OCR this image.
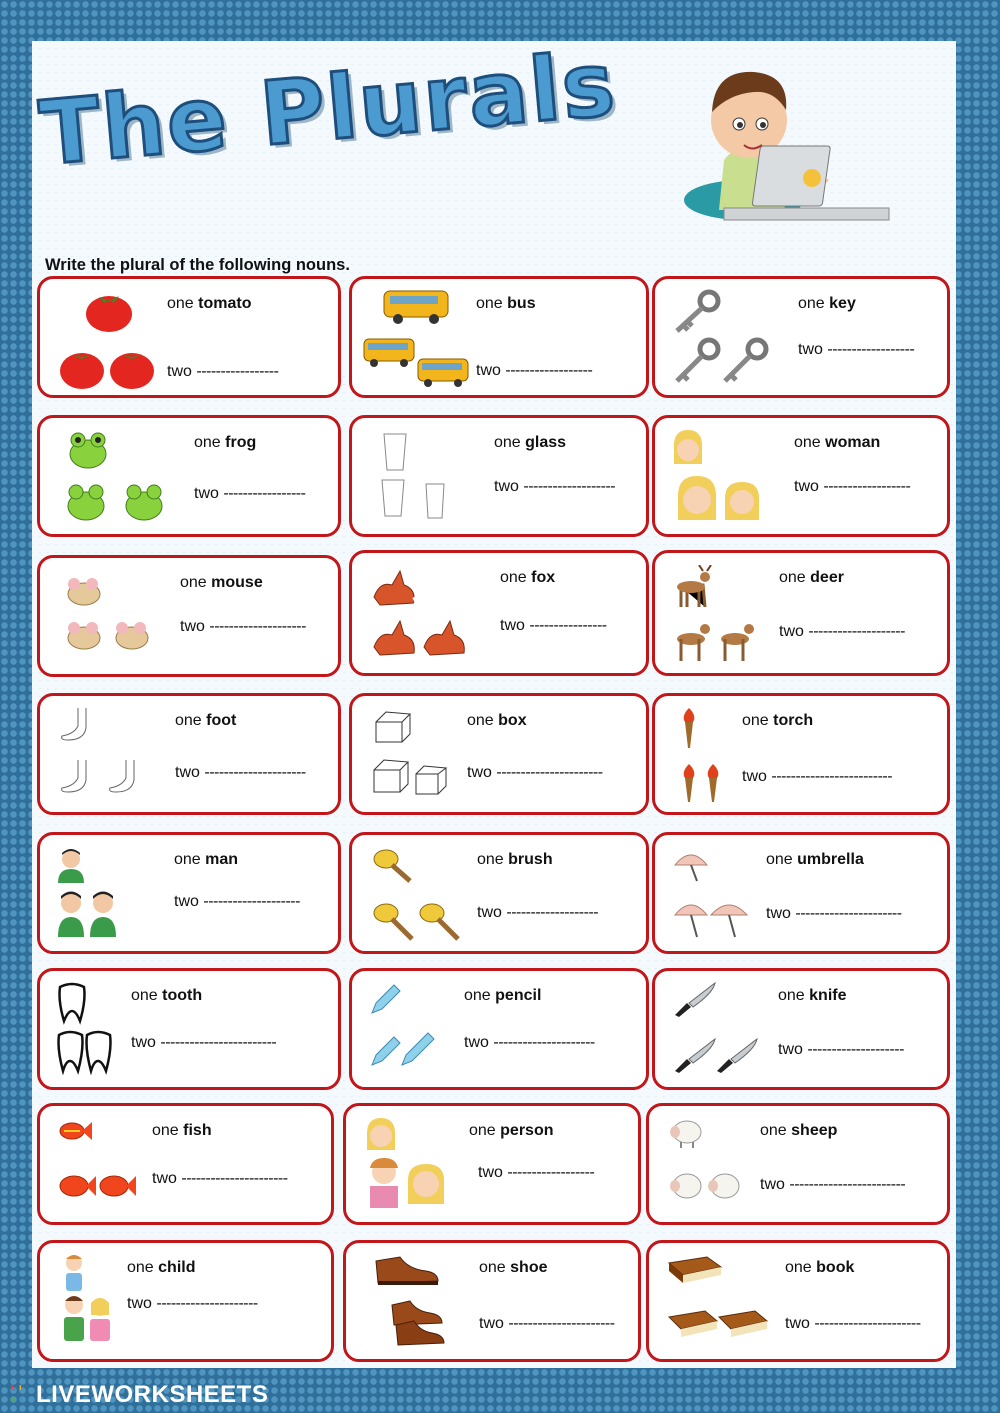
The Plurals

Write the plural of the following nouns.

one tomato
two -----------------
one bus
two ------------------
one key
two ------------------
one frog
two -----------------
one glass
two -------------------
one woman
two ------------------
one mouse
two --------------------
one fox
two ----------------
one deer
two --------------------
one foot
two ---------------------
one box
two ----------------------
one torch
two -------------------------
one man
two --------------------
one brush
two -------------------
one umbrella
two ----------------------
one tooth
two ------------------------
one pencil
two ---------------------
one knife
two --------------------
one fish
two ----------------------
one person
two ------------------
one sheep
two ------------------------
one child
two ---------------------
one shoe
two ----------------------
one book
two ----------------------
L I
V E LIVEWORKSHEETS
